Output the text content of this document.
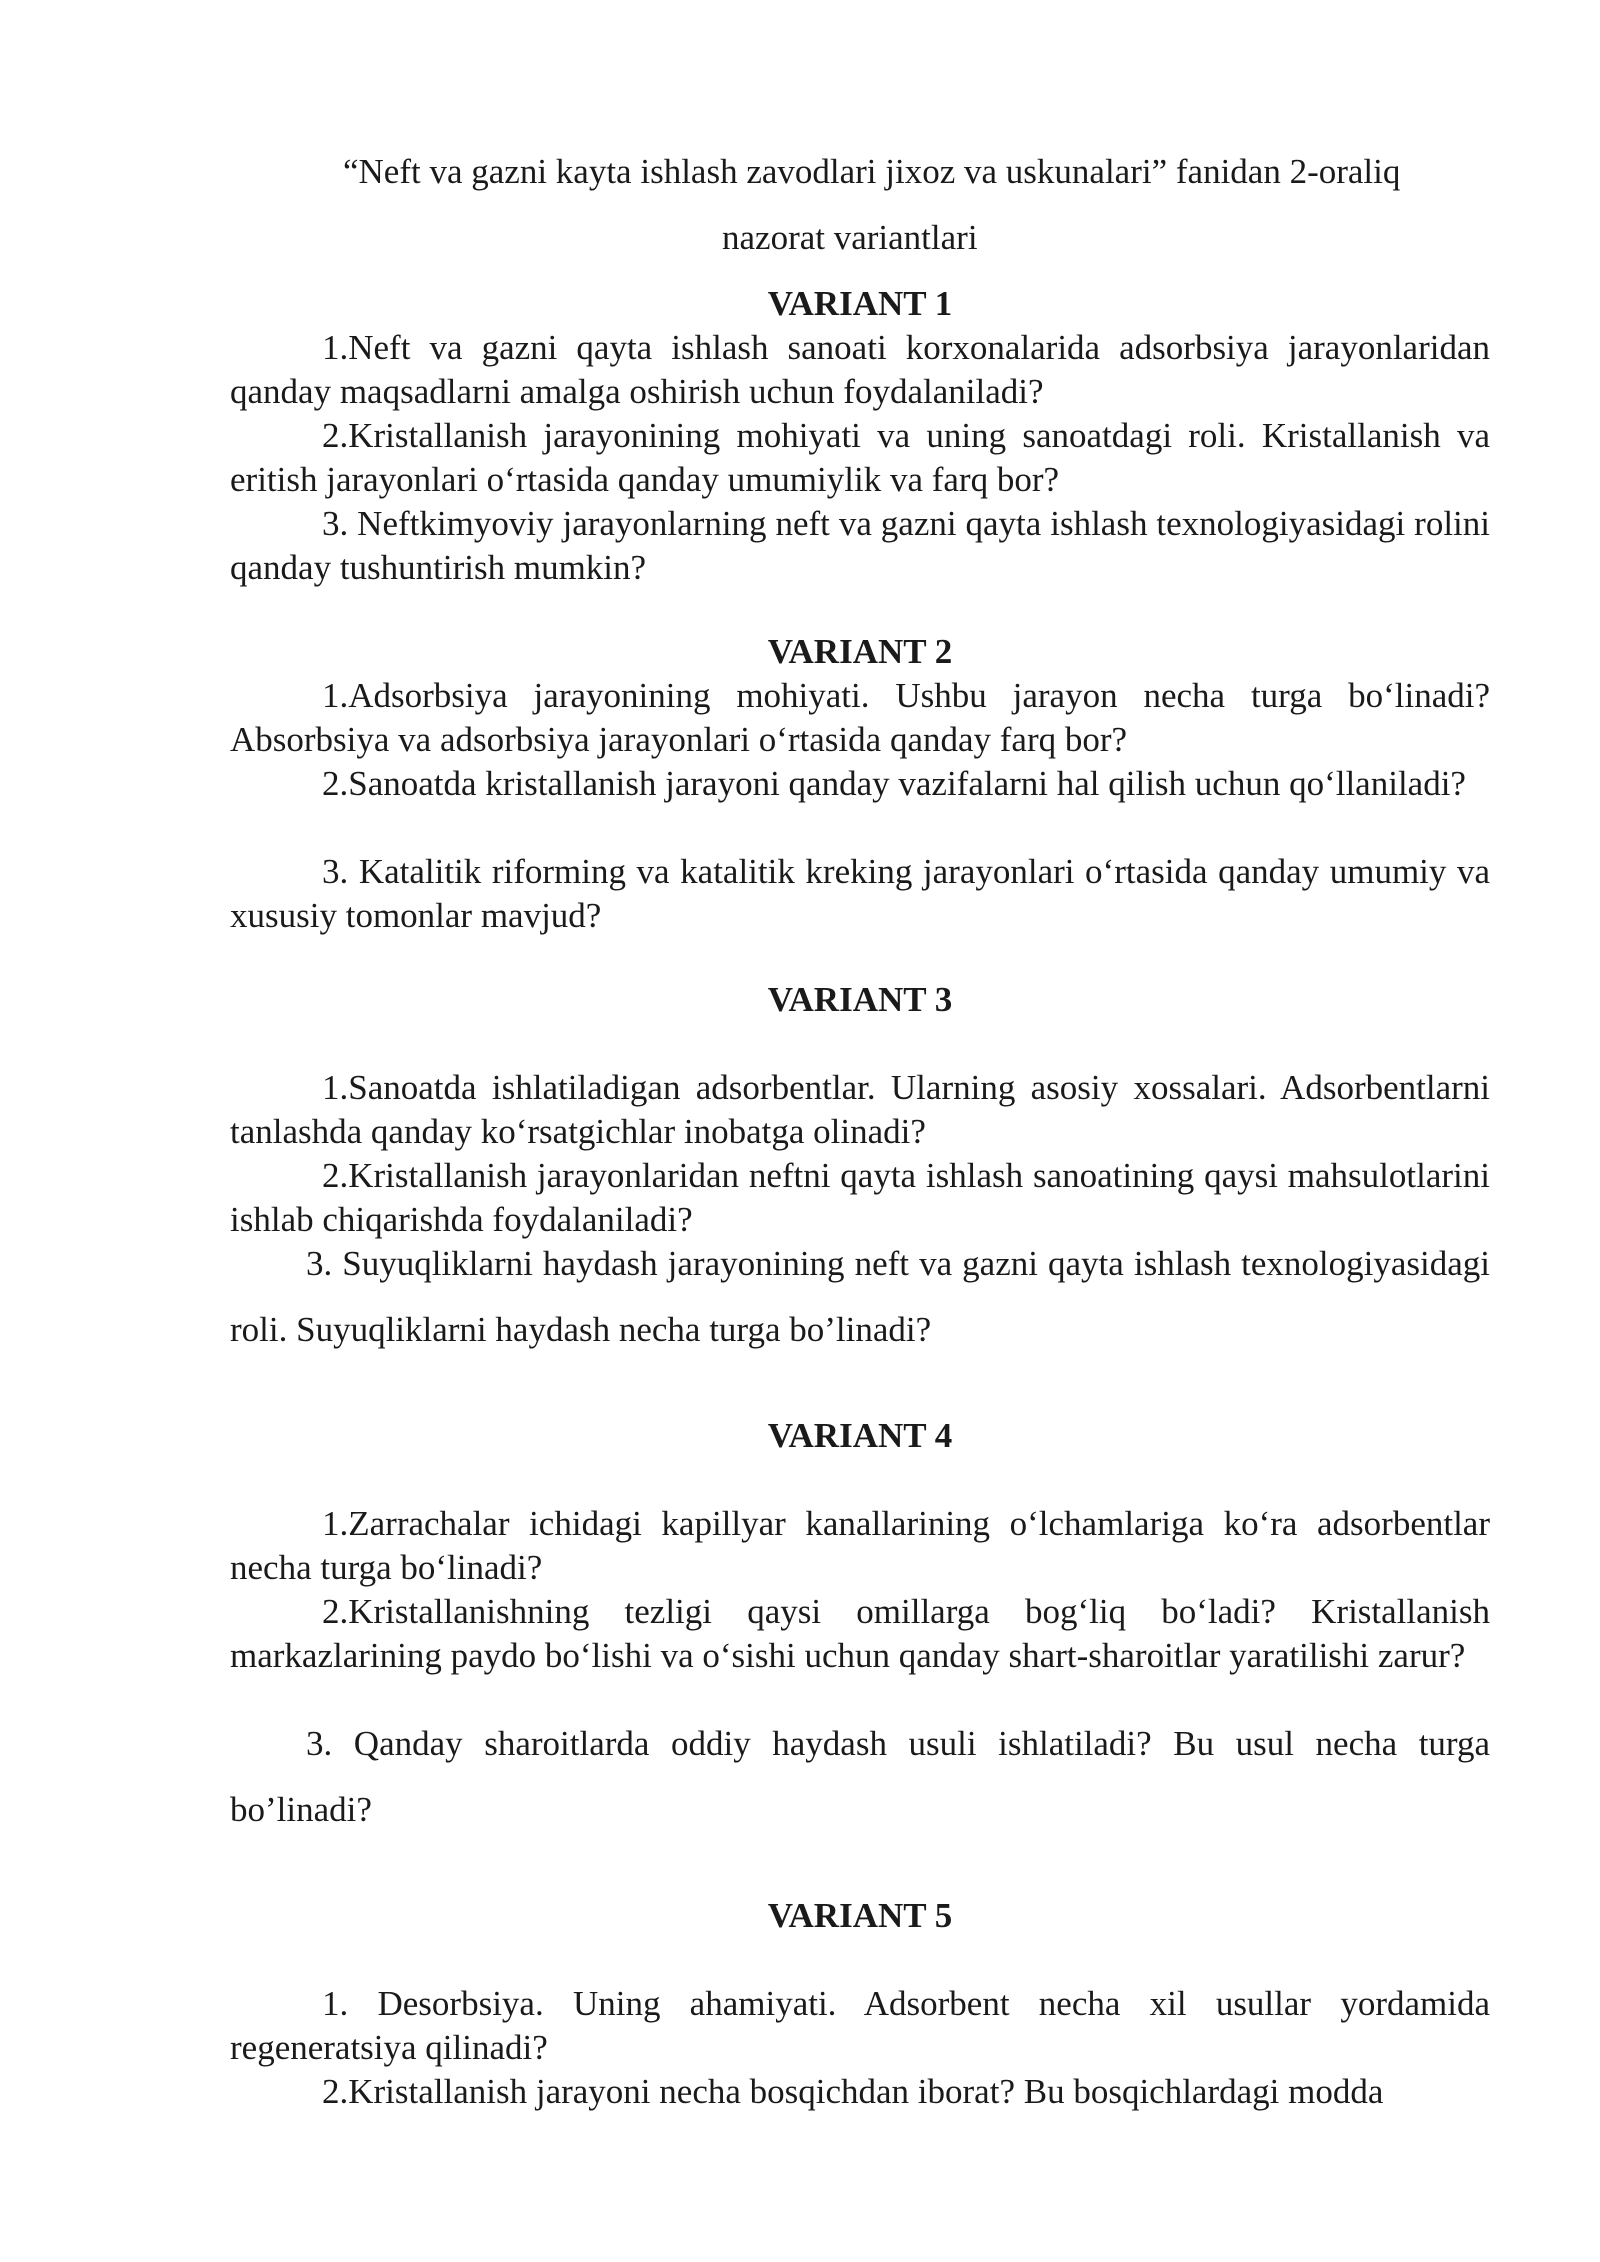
“Neft va gazni kayta ishlash zavodlari jixoz va uskunalari” fanidan 2-oraliq
nazorat variantlari
VARIANT 1

1.Neft va gazni qayta ishlash sanoati korxonalarida adsorbsiya jarayonlaridan qanday maqsadlarni amalga oshirish uchun foydalaniladi?

2.Kristallanish jarayonining mohiyati va uning sanoatdagi roli. Kristallanish va eritish jarayonlari o‘rtasida qanday umumiylik va farq bor?

3. Neftkimyoviy jarayonlarning neft va gazni qayta ishlash texnologiyasidagi rolini qanday tushuntirish mumkin?

VARIANT 2

1.Adsorbsiya jarayonining mohiyati. Ushbu jarayon necha turga bo‘linadi? Absorbsiya va adsorbsiya jarayonlari o‘rtasida qanday farq bor?

2.Sanoatda kristallanish jarayoni qanday vazifalarni hal qilish uchun qo‘llaniladi?

3. Katalitik riforming va katalitik kreking jarayonlari o‘rtasida qanday umumiy va xususiy tomonlar mavjud?

VARIANT 3

1.Sanoatda ishlatiladigan adsorbentlar. Ularning asosiy xossalari. Adsorbentlarni tanlashda qanday ko‘rsatgichlar inobatga olinadi?

2.Kristallanish jarayonlaridan neftni qayta ishlash sanoatining qaysi mahsulotlarini ishlab chiqarishda foydalaniladi?

3. Suyuqliklarni haydash jarayonining neft va gazni qayta ishlash texnologiyasidagi roli. Suyuqliklarni haydash necha turga bo’linadi?

VARIANT 4

1.Zarrachalar ichidagi kapillyar kanallarining o‘lchamlariga ko‘ra adsorbentlar necha turga bo‘linadi?

2.Kristallanishning tezligi qaysi omillarga bog‘liq bo‘ladi? Kristallanish markazlarining paydo bo‘lishi va o‘sishi uchun qanday shart-sharoitlar yaratilishi zarur?

3. Qanday sharoitlarda oddiy haydash usuli ishlatiladi? Bu usul necha turga bo’linadi?

VARIANT 5

1. Desorbsiya. Uning ahamiyati. Adsorbent necha xil usullar yordamida regeneratsiya qilinadi?

2.Kristallanish jarayoni necha bosqichdan iborat? Bu bosqichlardagi modda
